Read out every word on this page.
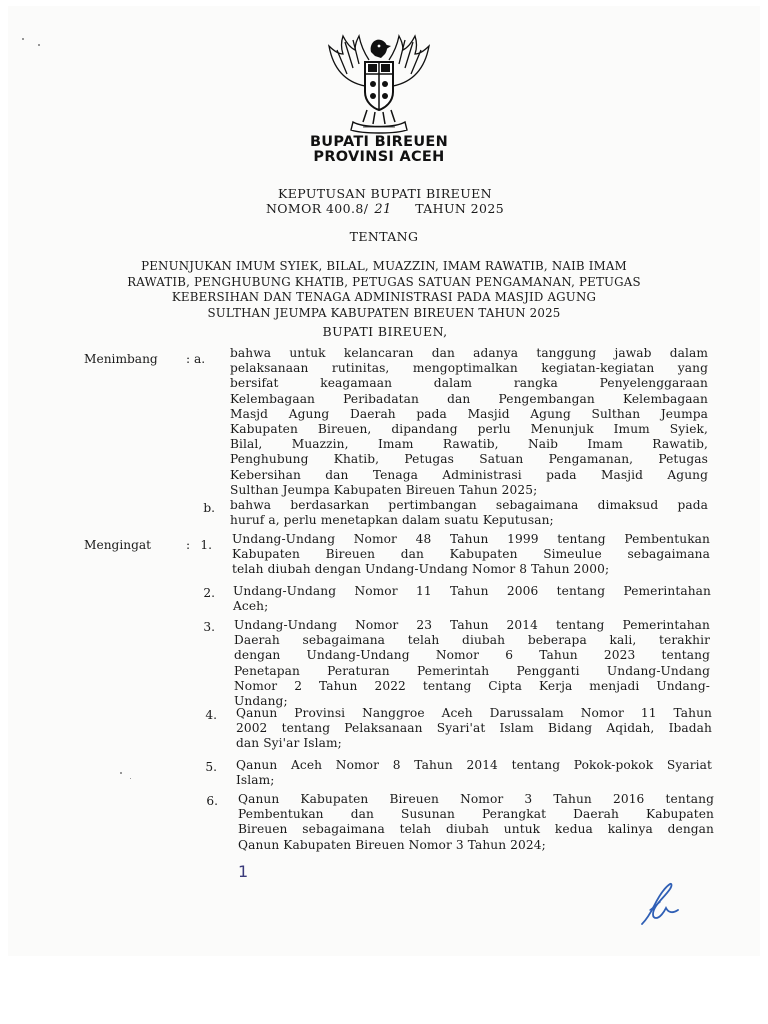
BUPATI BIREUEN
PROVINSI ACEH
KEPUTUSAN BUPATI BIREUEN
NOMOR 400.8/ 21 TAHUN 2025
TENTANG
PENUNJUKAN IMUM SYIEK, BILAL, MUAZZIN, IMAM RAWATIB, NAIB IMAM
RAWATIB, PENGHUBUNG KHATIB, PETUGAS SATUAN PENGAMANAN, PETUGAS
KEBERSIHAN DAN TENAGA ADMINISTRASI PADA MASJID AGUNG
SULTHAN JEUMPA KABUPATEN BIREUEN TAHUN 2025
BUPATI BIREUEN,
Menimbang : a. bahwa untuk kelancaran dan adanya tanggung jawab dalam
pelaksanaan rutinitas, mengoptimalkan kegiatan-kegiatan yang
bersifat keagamaan dalam rangka Penyelenggaraan
Kelembagaan Peribadatan dan Pengembangan Kelembagaan
Masjd Agung Daerah pada Masjid Agung Sulthan Jeumpa
Kabupaten Bireuen, dipandang perlu Menunjuk Imum Syiek,
Bilal, Muazzin, Imam Rawatib, Naib Imam Rawatib,
Penghubung Khatib, Petugas Satuan Pengamanan, Petugas
Kebersihan dan Tenaga Administrasi pada Masjid Agung
Sulthan Jeumpa Kabupaten Bireuen Tahun 2025;
b. bahwa berdasarkan pertimbangan sebagaimana dimaksud pada
huruf a, perlu menetapkan dalam suatu Keputusan;
Mengingat	: 1. Undang-Undang Nomor 48 Tahun 1999 tentang Pembentukan
Kabupaten Bireuen dan Kabupaten Simeulue sebagaimana
telah diubah dengan Undang-Undang Nomor 8 Tahun 2000;
2. Undang-Undang Nomor 11 Tahun 2006 tentang Pemerintahan
Aceh;
3. Undang-Undang Nomor 23 Tahun 2014 tentang Pemerintahan
Daerah sebagaimana telah diubah beberapa kali, terakhir
dengan Undang-Undang Nomor 6 Tahun 2023 tentang
Penetapan Peraturan Pemerintah Pengganti Undang-Undang
Nomor 2 Tahun 2022 tentang Cipta Kerja menjadi Undang-
Undang;
4. Qanun Provinsi Nanggroe Aceh Darussalam Nomor 11 Tahun
2002 tentang Pelaksanaan Syari'at Islam Bidang Aqidah, Ibadah
dan Syi'ar Islam;
5. Qanun Aceh Nomor 8 Tahun 2014 tentang Pokok-pokok Syariat
Islam;
6. Qanun Kabupaten Bireuen Nomor 3 Tahun 2016 tentang
Pembentukan dan Susunan Perangkat Daerah Kabupaten
Bireuen sebagaimana telah diubah untuk kedua kalinya dengan
Qanun Kabupaten Bireuen Nomor 3 Tahun 2024;
1
